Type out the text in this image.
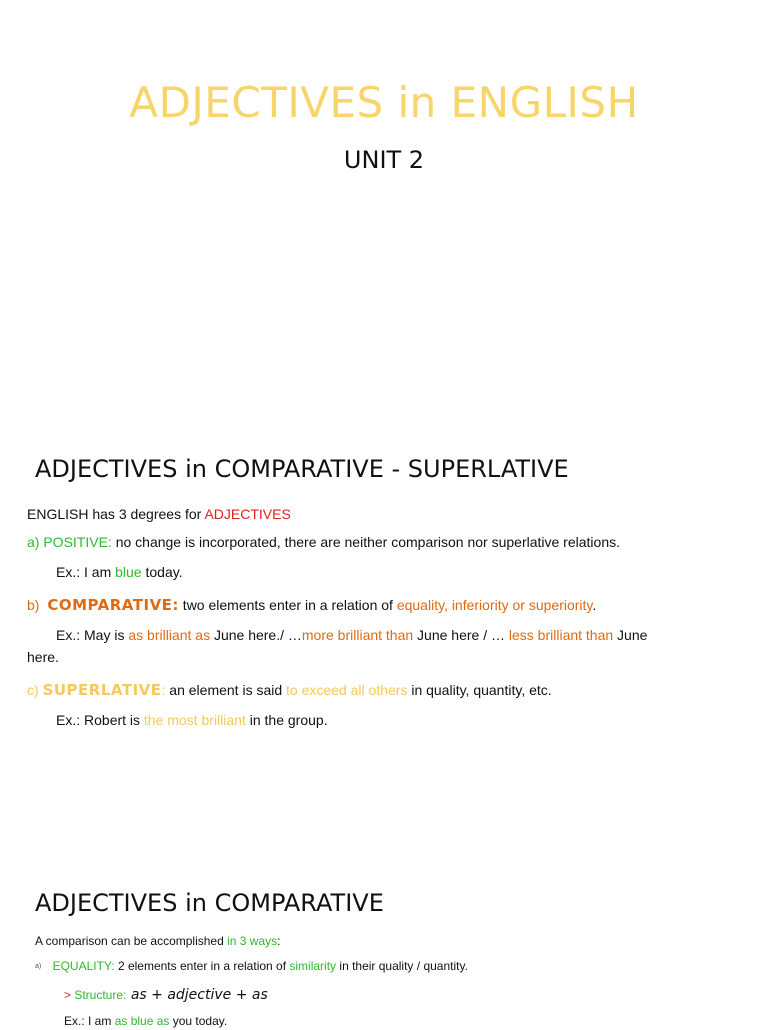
ADJECTIVES in ENGLISH
UNIT 2
ADJECTIVES in COMPARATIVE - SUPERLATIVE
ENGLISH has 3 degrees for ADJECTIVES
a) POSITIVE: no change is incorporated, there are neither comparison nor superlative relations.
Ex.: I am blue today.
b) COMPARATIVE: two elements enter in a relation of equality, inferiority or superiority.
Ex.: May is as brilliant as June here./ …more brilliant than June here / … less brilliant than June
here.
c) SUPERLATIVE: an element is said to exceed all others in quality, quantity, etc.
Ex.: Robert is the most brilliant in the group.
ADJECTIVES in COMPARATIVE
A comparison can be accomplished in 3 ways:
a) EQUALITY: 2 elements enter in a relation of similarity in their quality / quantity.
> Structure: as + adjective + as
Ex.: I am as blue as you today.
